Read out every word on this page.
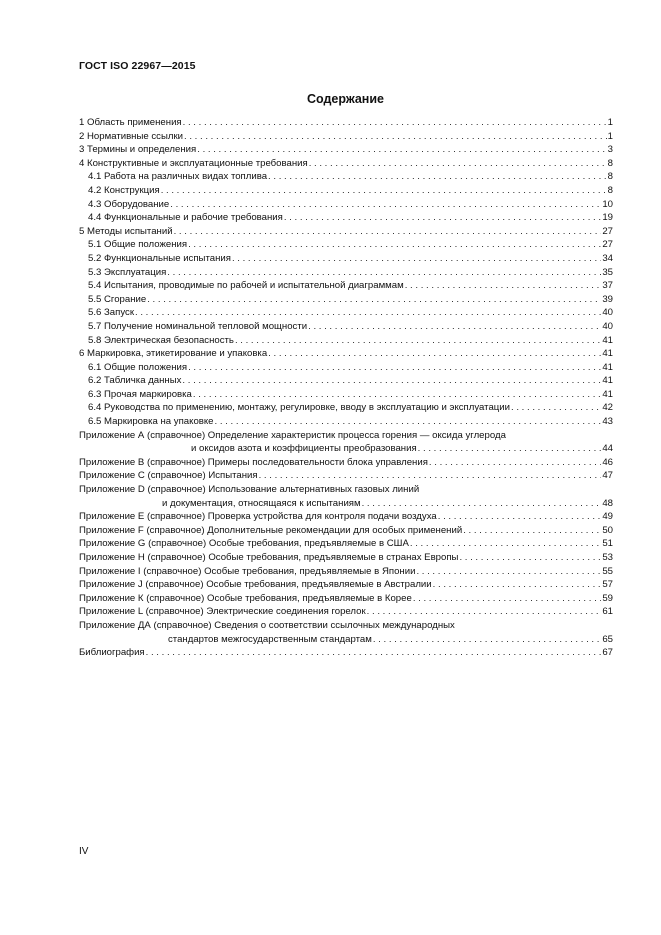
ГОСТ ISO 22967—2015
Содержание
1 Область применения . . .	1
2 Нормативные ссылки . . .	1
3 Термины и определения . . .	3
4 Конструктивные и эксплуатационные требования . . .	8
4.1 Работа на различных видах топлива . . .	8
4.2 Конструкция . . .	8
4.3 Оборудование . . .	10
4.4 Функциональные и рабочие требования . . .	19
5 Методы испытаний . . .	27
5.1 Общие положения . . .	27
5.2 Функциональные испытания . . .	34
5.3 Эксплуатация . . .	35
5.4 Испытания, проводимые по рабочей и испытательной диаграммам . . .	37
5.5 Сгорание . . .	39
5.6 Запуск . . .	40
5.7 Получение номинальной тепловой мощности . . .	40
5.8 Электрическая безопасность . . .	41
6 Маркировка, этикетирование и упаковка . . .	41
6.1 Общие положения . . .	41
6.2 Табличка данных . . .	41
6.3 Прочая маркировка . . .	41
6.4 Руководства по применению, монтажу, регулировке, вводу в эксплуатацию и эксплуатации . . .	42
6.5 Маркировка на упаковке . . .	43
Приложение А (справочное) Определение характеристик процесса горения — оксида углерода
и оксидов азота и коэффициенты преобразования . . .	44
Приложение В (справочное) Примеры последовательности блока управления . . .	46
Приложение С (справочное) Испытания . . .	47
Приложение D (справочное) Использование альтернативных газовых линий
и документация, относящаяся к испытаниям . . .	48
Приложение Е (справочное) Проверка устройства для контроля подачи воздуха . . .	49
Приложение F (справочное) Дополнительные рекомендации для особых применений . . .	50
Приложение G (справочное) Особые требования, предъявляемые в США . . .	51
Приложение Н (справочное) Особые требования, предъявляемые в странах Европы . . .	53
Приложение I (справочное) Особые требования, предъявляемые в Японии . . .	55
Приложение J (справочное) Особые требования, предъявляемые в Австралии . . .	57
Приложение К (справочное) Особые требования, предъявляемые в Корее . . .	59
Приложение L (справочное) Электрические соединения горелок . . .	61
Приложение ДА (справочное) Сведения о соответствии ссылочных международных
стандартов межгосударственным стандартам . . .	65
Библиография . . .	67
IV
